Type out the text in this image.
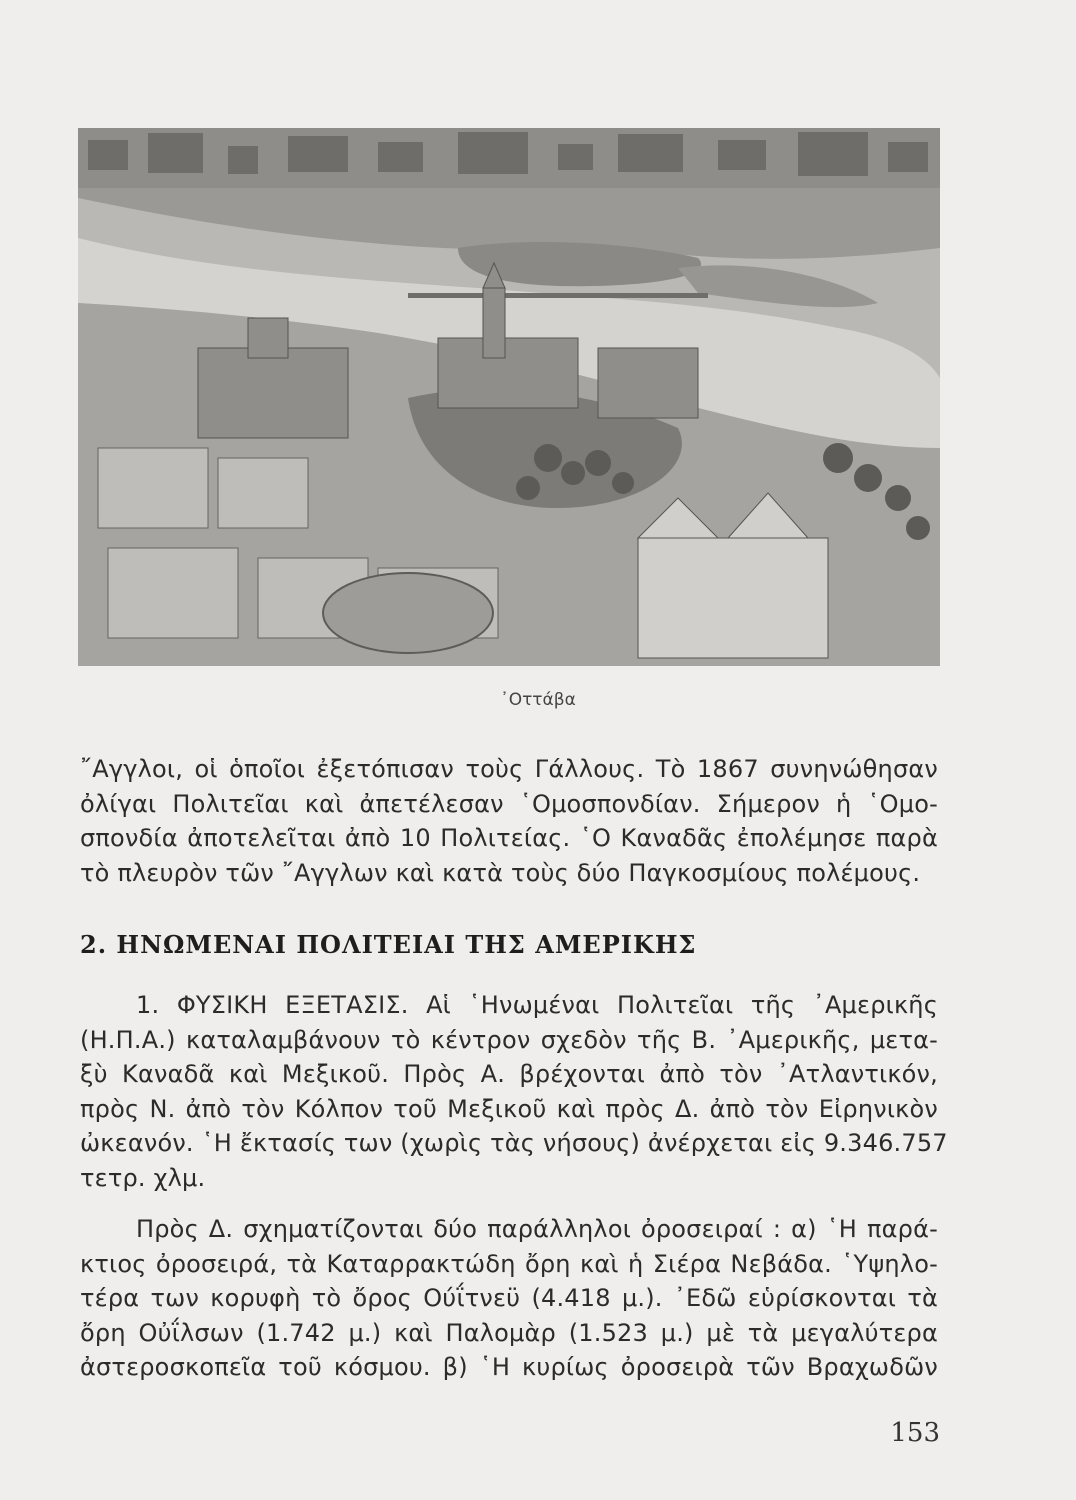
᾿Οττάβα
῎Αγγλοι, οἱ ὁποῖοι ἐξετόπισαν τοὺς Γάλλους. Τὸ 1867 συνηνώθησαν
ὀλίγαι Πολιτεῖαι καὶ ἀπετέλεσαν ῾Ομοσπονδίαν. Σήμερον ἡ ῾Ομο-
σπονδία ἀποτελεῖται ἀπὸ 10 Πολιτείας. ῾Ο Καναδᾶς ἐπολέμησε παρὰ
τὸ πλευρὸν τῶν ῎Αγγλων καὶ κατὰ τοὺς δύο Παγκοσμίους πολέμους.
2. ΗΝΩΜΕΝΑΙ ΠΟΛΙΤΕΙΑΙ ΤΗΣ ΑΜΕΡΙΚΗΣ
1. ΦΥΣΙΚΗ ΕΞΕΤΑΣΙΣ. Αἱ ῾Ηνωμέναι Πολιτεῖαι τῆς ᾿Αμερικῆς
(Η.Π.Α.) καταλαμβάνουν τὸ κέντρον σχεδὸν τῆς Β. ᾿Αμερικῆς, μετα-
ξὺ Καναδᾶ καὶ Μεξικοῦ. Πρὸς Α. βρέχονται ἀπὸ τὸν ᾿Ατλαντικόν,
πρὸς Ν. ἀπὸ τὸν Κόλπον τοῦ Μεξικοῦ καὶ πρὸς Δ. ἀπὸ τὸν Εἰρηνικὸν
ὠκεανόν. ῾Η ἔκτασίς των (χωρὶς τὰς νήσους) ἀνέρχεται εἰς 9.346.757
τετρ. χλμ.
Πρὸς Δ. σχηματίζονται δύο παράλληλοι ὀροσειραί : α) ῾Η παρά-
κτιος ὀροσειρά, τὰ Καταρρακτώδη ὄρη καὶ ἡ Σιέρα Νεβάδα. ῾Υψηλο-
τέρα των κορυφὴ τὸ ὄρος Ούΐτνεϋ (4.418 μ.). ᾿Εδῶ εὑρίσκονται τὰ
ὄρη Οὐΐλσων (1.742 μ.) καὶ Παλομὰρ (1.523 μ.) μὲ τὰ μεγαλύτερα
ἀστεροσκοπεῖα τοῦ κόσμου. β) ῾Η κυρίως ὀροσειρὰ τῶν Βραχωδῶν
153
